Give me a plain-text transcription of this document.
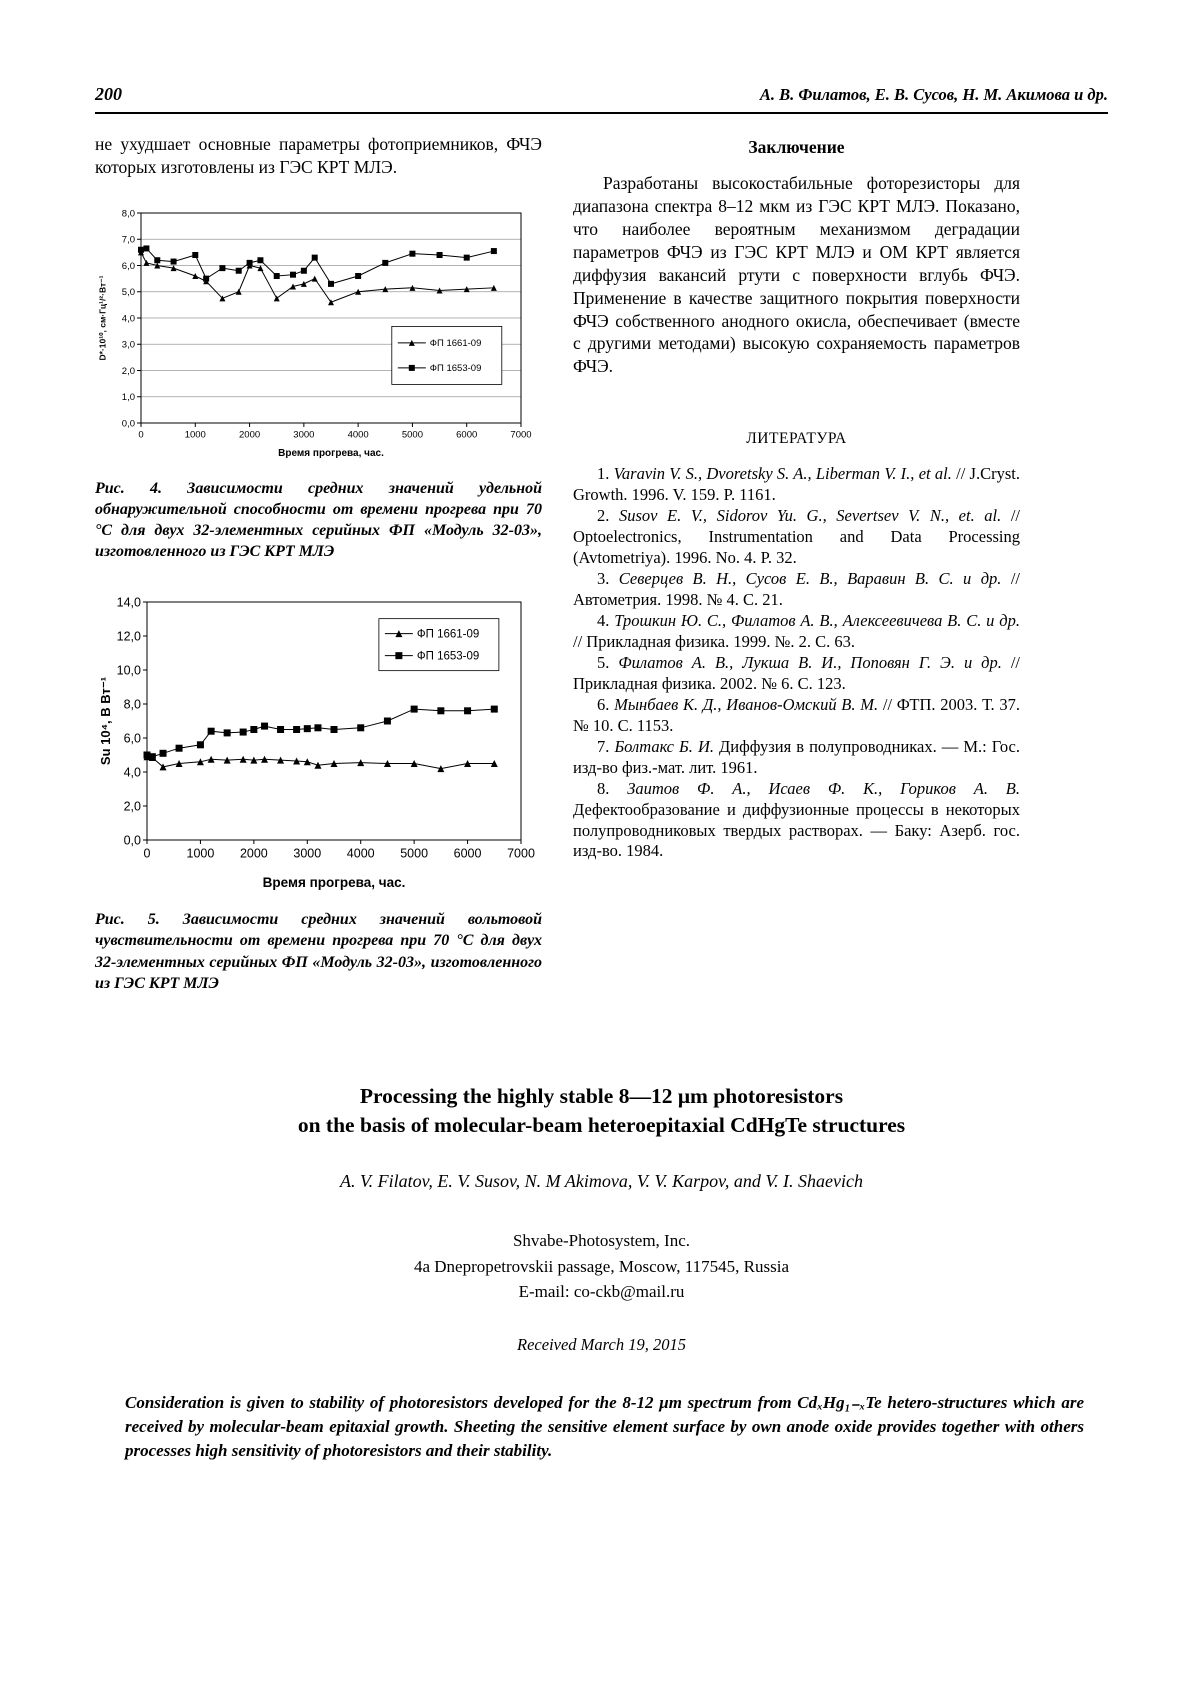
200	А. В. Филатов, Е. В. Сусов, Н. М. Акимова и др.

не ухудшает основные параметры фотоприемников, ФЧЭ которых изготовлены из ГЭС КРТ МЛЭ.

0,0
1,0
2,0
3,0
4,0
5,0
6,0
7,0
8,0
0	1000	2000	3000	4000	5000	6000	7000
Время прогрева, час.
D*·10¹⁰, см·Гц¹/²·Вт⁻¹	ФП 1661-09
ФП 1653-09

Рис. 4. Зависимости средних значений удельной обнаружительной способности от времени прогрева при 70 °С для двух 32-элементных серийных ФП «Модуль 32-03», изготовленного из ГЭС КРТ МЛЭ

0,0
2,0
4,0
6,0
8,0
10,0
12,0
14,0
0	1000 2000 3000 4000 5000 6000 7000
Время прогрева, час.
Su 10⁴, В Вт⁻¹
ФП 1661-09
ФП 1653-09

Рис. 5. Зависимости средних значений вольтовой чувствительности от времени прогрева при 70 °С для двух 32-элементных серийных ФП «Модуль 32-03», изготовленного из ГЭС КРТ МЛЭ

Заключение

Разработаны высокостабильные фоторезисторы для диапазона спектра 8–12 мкм из ГЭС КРТ МЛЭ. Показано, что наиболее вероятным механизмом деградации параметров ФЧЭ из ГЭС КРТ МЛЭ и ОМ КРТ является диффузия вакансий ртути с поверхности вглубь ФЧЭ. Применение в качестве защитного покрытия поверхности ФЧЭ собственного анодного окисла, обеспечивает (вместе с другими методами) высокую сохраняемость параметров ФЧЭ.

ЛИТЕРАТУРА

1. Varavin V. S., Dvoretsky S. A., Liberman V. I., et al. // J.Cryst. Growth. 1996. V. 159. P. 1161.

2. Susov E. V., Sidorov Yu. G., Severtsev V. N., et. al. // Optoelectronics, Instrumentation and Data Processing (Avtometriya). 1996. No. 4. P. 32.

3. Северцев В. Н., Сусов Е. В., Варавин В. С. и др. // Автометрия. 1998. № 4. С. 21.

4. Трошкин Ю. С., Филатов А. В., Алексеевичева В. С. и др. // Прикладная физика. 1999. №. 2. С. 63.

5. Филатов А. В., Лукша В. И., Поповян Г. Э. и др. // Прикладная физика. 2002. № 6. С. 123.

6. Мынбаев К. Д., Иванов-Омский В. М. // ФТП. 2003. Т. 37. № 10. С. 1153.

7. Болтакс Б. И. Диффузия в полупроводниках. — М.: Гос. изд-во физ.-мат. лит. 1961.

8. Заитов Ф. А., Исаев Ф. К., Гориков А. В. Дефектообразование и диффузионные процессы в некоторых полупроводниковых твердых растворах. — Баку: Азерб. гос. изд-во. 1984.

Processing the highly stable 8—12 μm photoresistors
on the basis of molecular-beam heteroepitaxial CdHgTe structures

A. V. Filatov, E. V. Susov, N. M Akimova, V. V. Karpov, and V. I. Shaevich

Shvabe-Photosystem, Inc.

4a Dnepropetrovskii passage, Moscow, 117545, Russia

E-mail: co-ckb@mail.ru

Received March 19, 2015

Consideration is given to stability of photoresistors developed for the 8-12 μm spectrum from CdₓHg₁₋ₓTe hetero-structures which are received by molecular-beam epitaxial growth. Sheeting the sensitive element surface by own anode oxide provides together with others processes high sensitivity of photoresistors and their stability.
